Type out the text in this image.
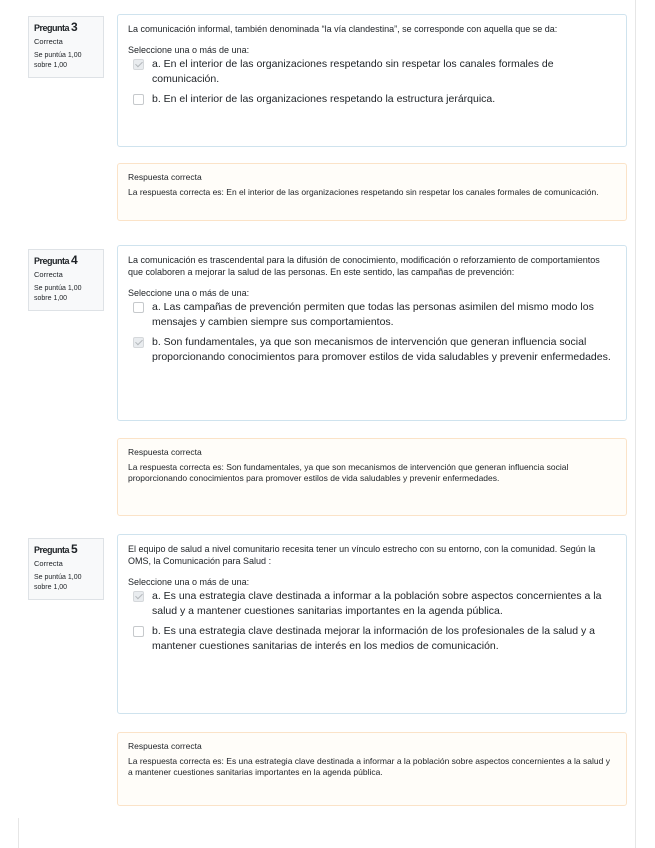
Pregunta 3
Correcta
Se puntúa 1,00 sobre 1,00
La comunicación informal, también denominada “la vía clandestina”, se corresponde con aquella que se da:
Seleccione una o más de una:
a. En el interior de las organizaciones respetando sin respetar los canales formales de comunicación.
b. En el interior de las organizaciones respetando la estructura jerárquica.
Respuesta correcta
La respuesta correcta es: En el interior de las organizaciones respetando sin respetar los canales formales de comunicación.
Pregunta 4
Correcta
Se puntúa 1,00 sobre 1,00
La comunicación es trascendental para la difusión de conocimiento, modificación o reforzamiento de comportamientos que colaboren a mejorar la salud de las personas. En este sentido, las campañas de prevención:
Seleccione una o más de una:
a. Las campañas de prevención permiten que todas las personas asimilen del mismo modo los mensajes y cambien siempre sus comportamientos.
b. Son fundamentales, ya que son mecanismos de intervención que generan influencia social proporcionando conocimientos para promover estilos de vida saludables y prevenir enfermedades.
Respuesta correcta
La respuesta correcta es: Son fundamentales, ya que son mecanismos de intervención que generan influencia social proporcionando conocimientos para promover estilos de vida saludables y prevenir enfermedades.
Pregunta 5
Correcta
Se puntúa 1,00 sobre 1,00
El equipo de salud a nivel comunitario recesita tener un vínculo estrecho con su entorno, con la comunidad. Según la OMS, la Comunicación para Salud :
Seleccione una o más de una:
a. Es una estrategia clave destinada a informar a la población sobre aspectos concernientes a la salud y a mantener cuestiones sanitarias importantes en la agenda pública.
b. Es una estrategia clave destinada mejorar la información de los profesionales de la salud y a mantener cuestiones sanitarias de interés en los medios de comunicación.
Respuesta correcta
La respuesta correcta es: Es una estrategia clave destinada a informar a la población sobre aspectos concernientes a la salud y a mantener cuestiones sanitarias importantes en la agenda pública.
